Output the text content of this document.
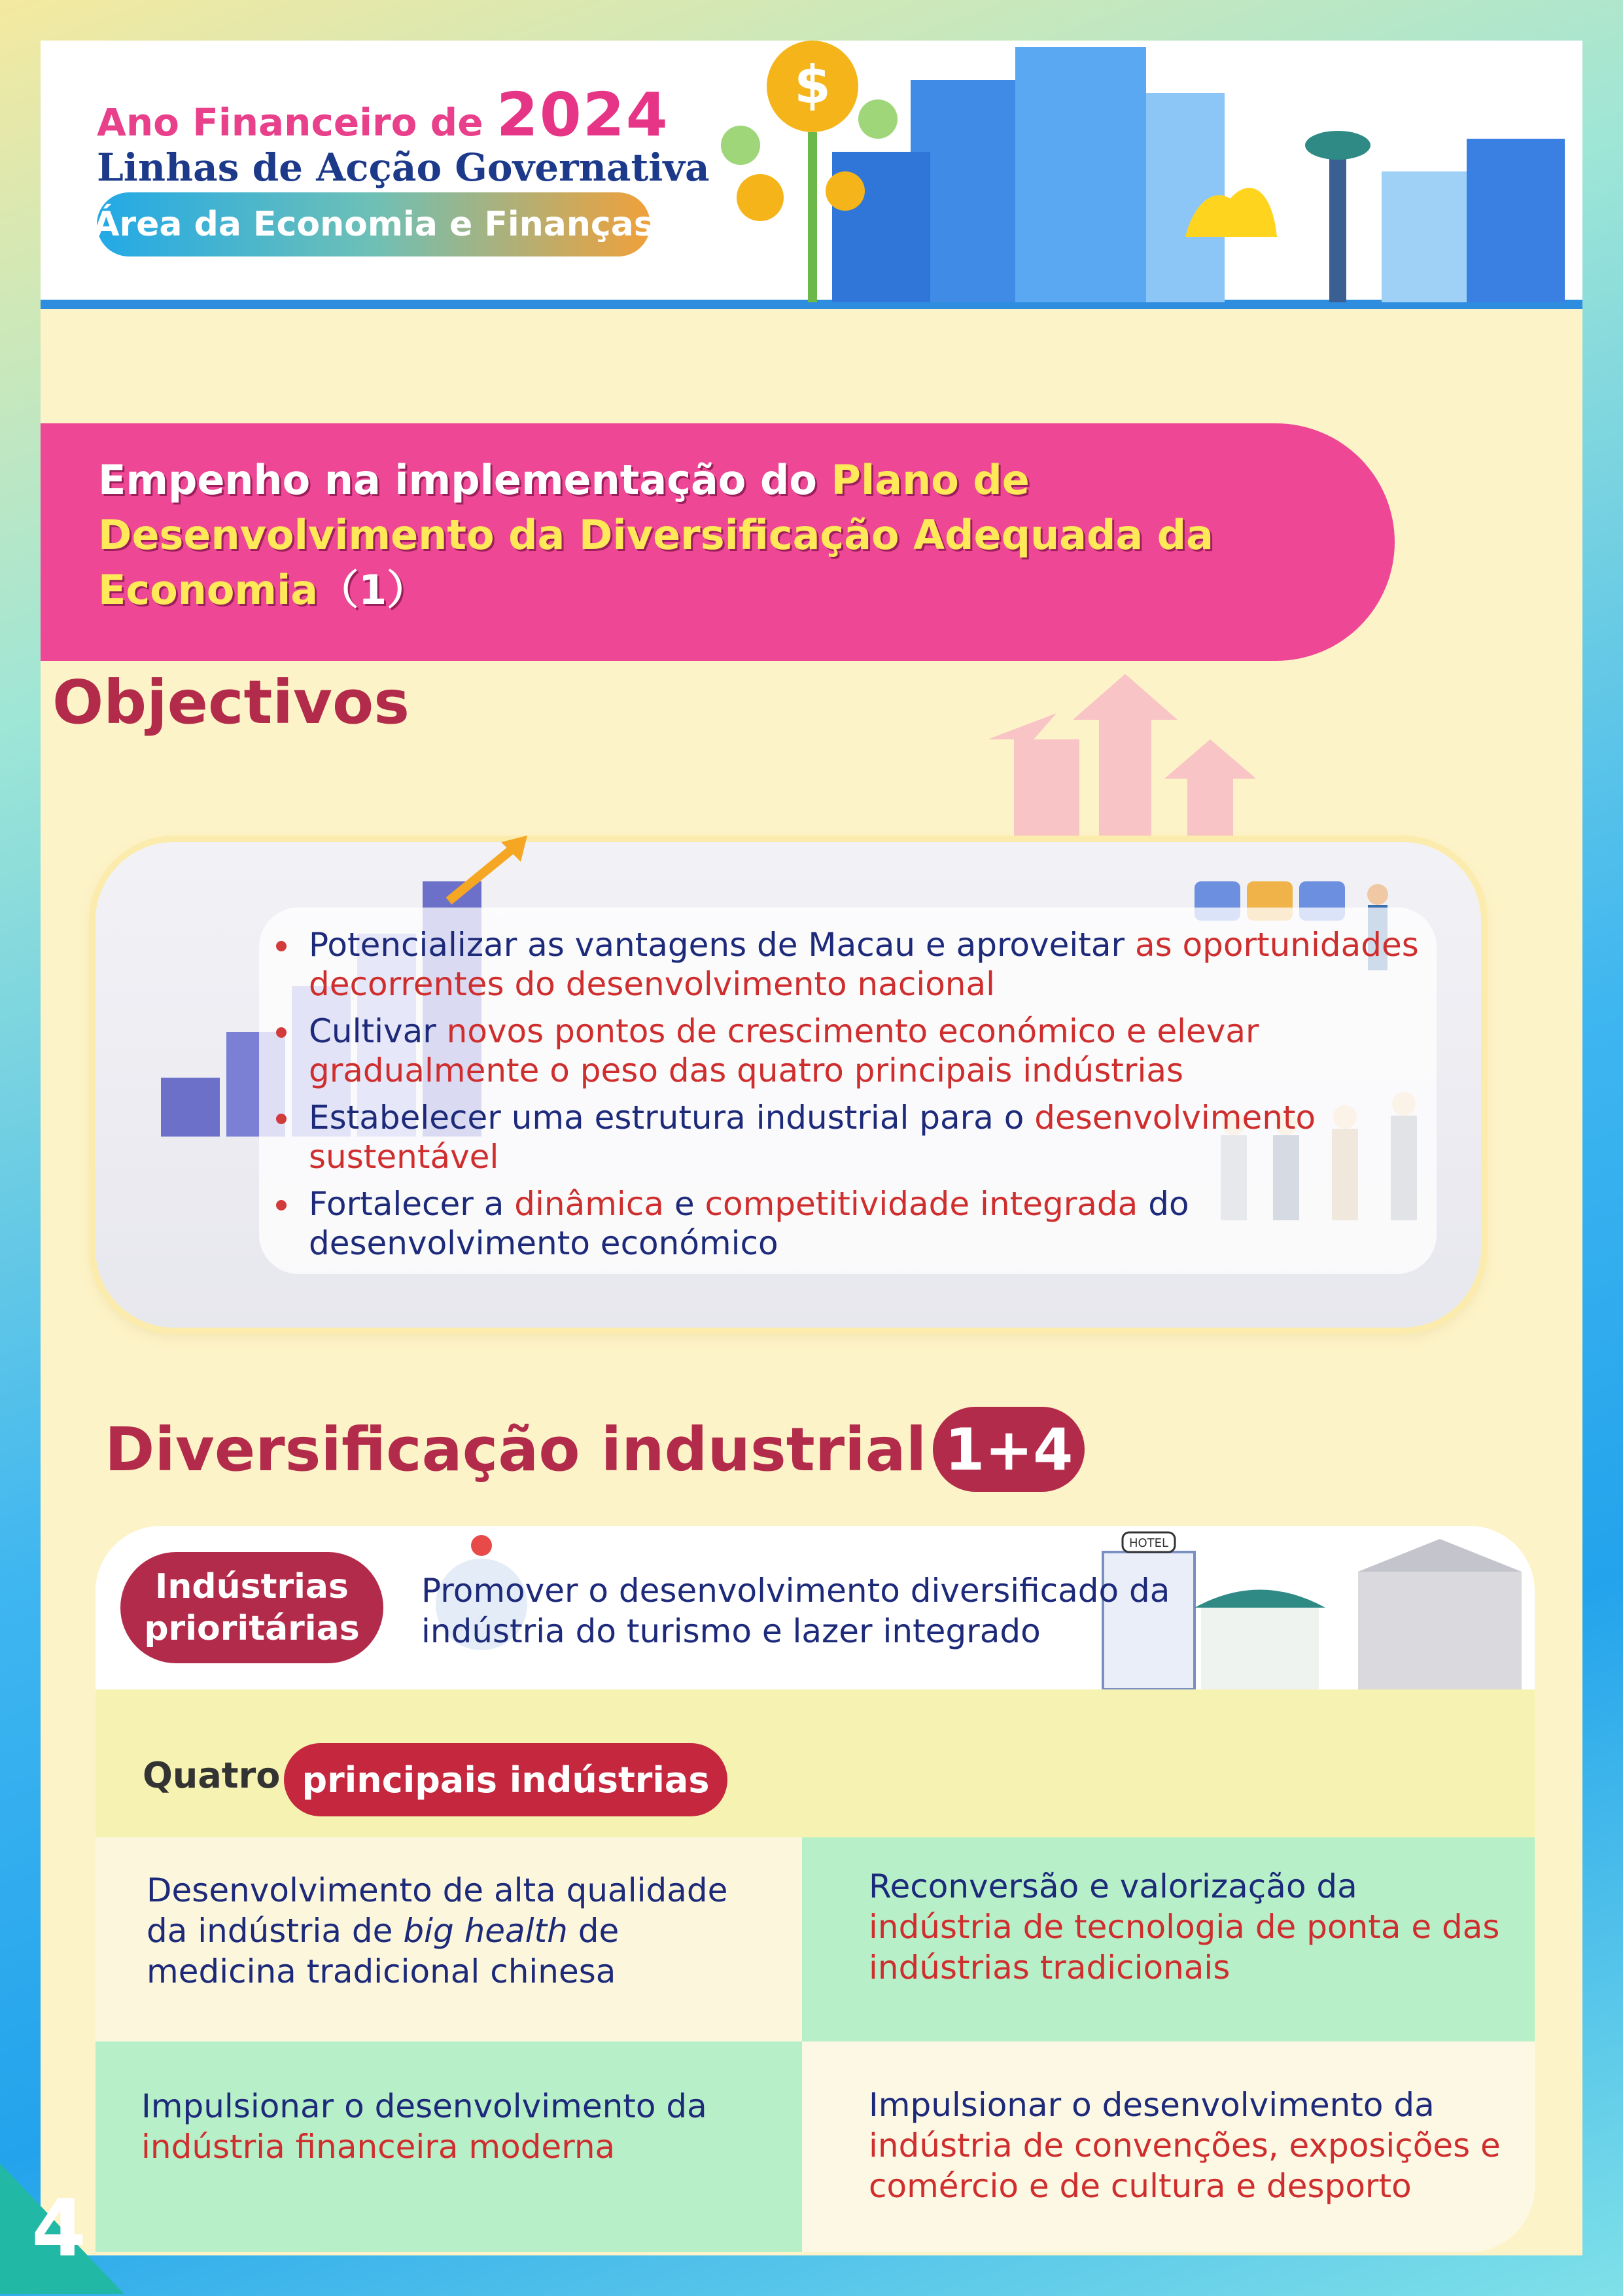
Ano Financeiro de 2024
Linhas de Acção Governativa
Área da Economia e Finanças
$
Empenho na implementação do Plano de Desenvolvimento da Diversificação Adequada da Economia（1）
Objectivos
Potencializar as vantagens de Macau e aproveitar as oportunidades decorrentes do desenvolvimento nacional
Cultivar novos pontos de crescimento económico e elevar gradualmente o peso das quatro principais indústrias
Estabelecer uma estrutura industrial para o desenvolvimento sustentável
Fortalecer a dinâmica e competitividade integrada do desenvolvimento económico
Diversificação industrial 1+4
HOTEL
Indústrias prioritárias
Promover o desenvolvimento diversificado da indústria do turismo e lazer integrado
Quatro principais indústrias
Desenvolvimento de alta qualidade da indústria de big health de medicina tradicional chinesa
Reconversão e valorização da indústria de tecnologia de ponta e das indústrias tradicionais
Impulsionar o desenvolvimento da indústria financeira moderna
Impulsionar o desenvolvimento da indústria de convenções, exposições e comércio e de cultura e desporto
4
